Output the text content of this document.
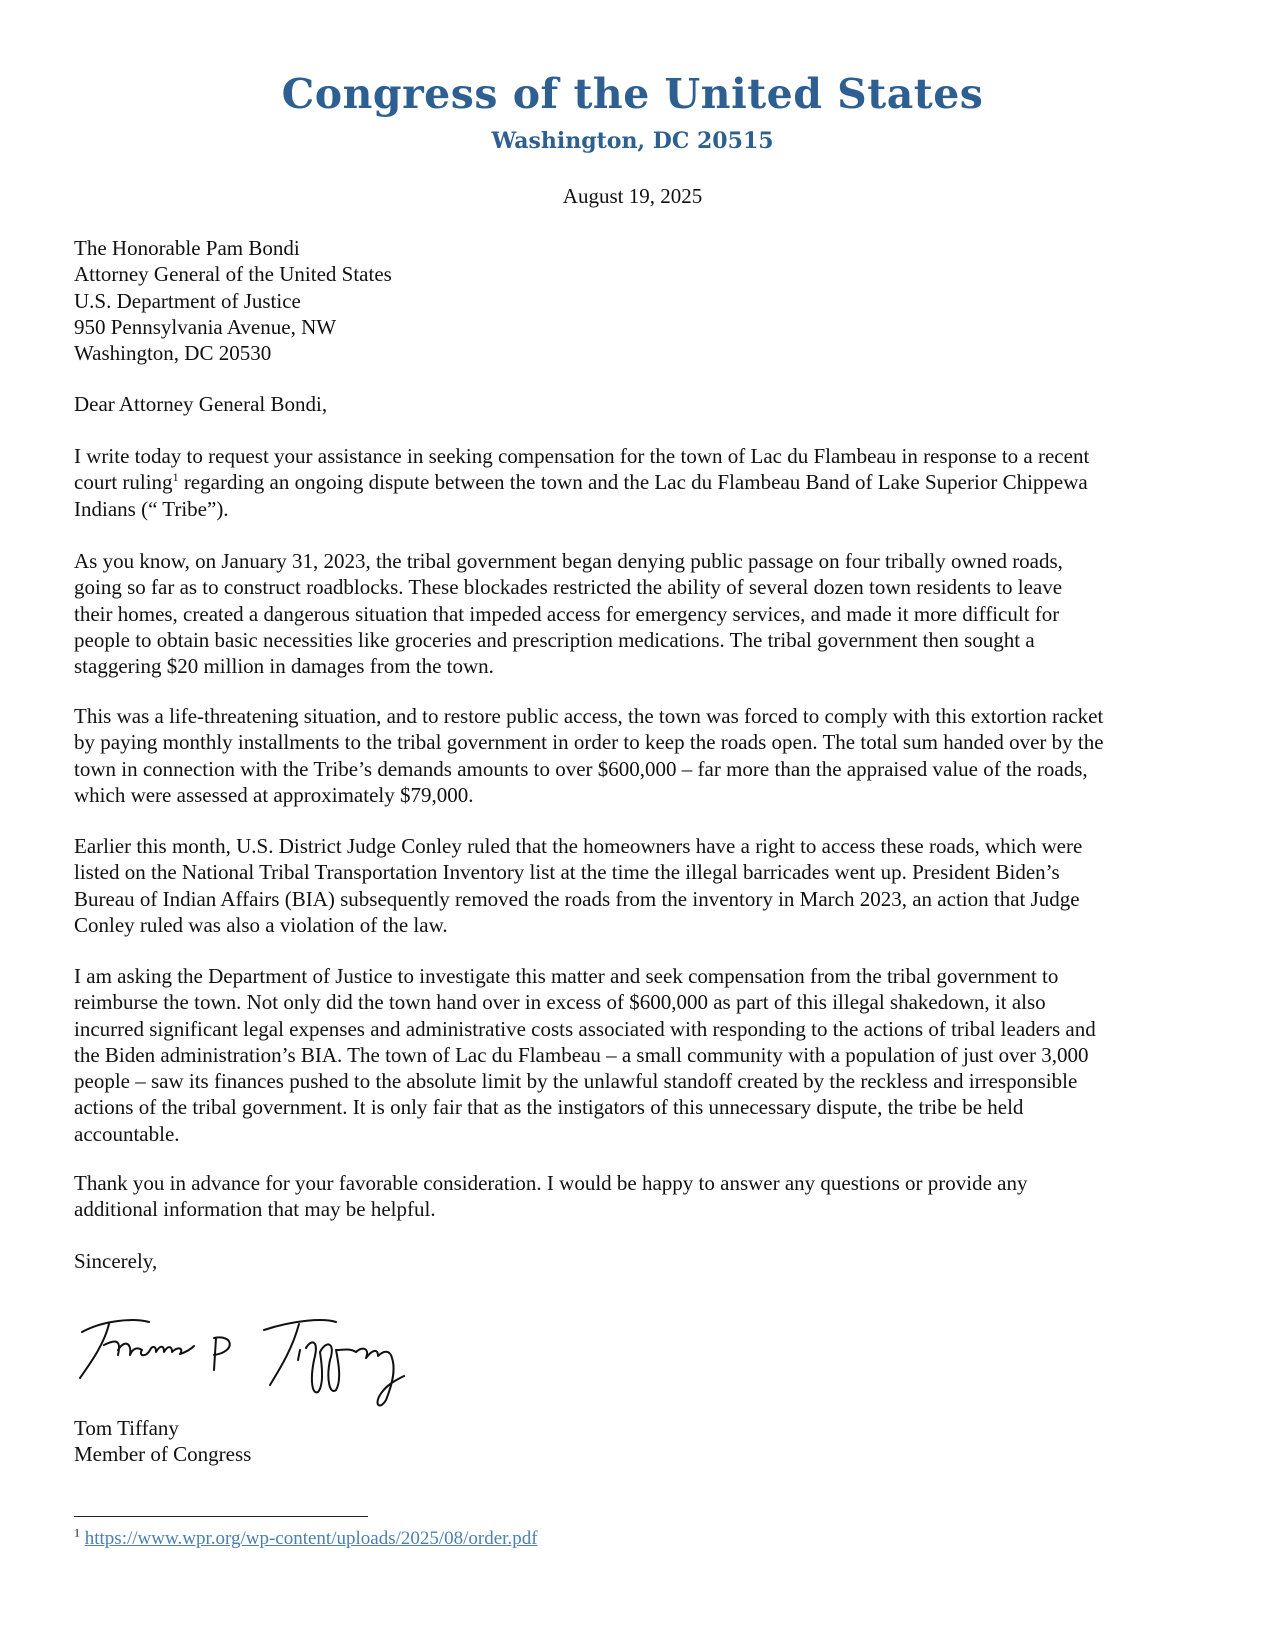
Congress of the United States
Washington, DC 20515
August 19, 2025
The Honorable Pam Bondi
Attorney General of the United States
U.S. Department of Justice
950 Pennsylvania Avenue, NW
Washington, DC 20530
Dear Attorney General Bondi,
I write today to request your assistance in seeking compensation for the town of Lac du Flambeau in response to a recent
court ruling$^1$ regarding an ongoing dispute between the town and the Lac du Flambeau Band of Lake Superior Chippewa
Indians (“ Tribe”).
As you know, on January 31, 2023, the tribal government began denying public passage on four tribally owned roads,
going so far as to construct roadblocks. These blockades restricted the ability of several dozen town residents to leave
their homes, created a dangerous situation that impeded access for emergency services, and made it more difficult for
people to obtain basic necessities like groceries and prescription medications. The tribal government then sought a
staggering $20 million in damages from the town.
This was a life-threatening situation, and to restore public access, the town was forced to comply with this extortion racket
by paying monthly installments to the tribal government in order to keep the roads open. The total sum handed over by the
town in connection with the Tribe’s demands amounts to over $600,000 – far more than the appraised value of the roads,
which were assessed at approximately $79,000.
Earlier this month, U.S. District Judge Conley ruled that the homeowners have a right to access these roads, which were
listed on the National Tribal Transportation Inventory list at the time the illegal barricades went up. President Biden’s
Bureau of Indian Affairs (BIA) subsequently removed the roads from the inventory in March 2023, an action that Judge
Conley ruled was also a violation of the law.
I am asking the Department of Justice to investigate this matter and seek compensation from the tribal government to
reimburse the town. Not only did the town hand over in excess of $600,000 as part of this illegal shakedown, it also
incurred significant legal expenses and administrative costs associated with responding to the actions of tribal leaders and
the Biden administration’s BIA. The town of Lac du Flambeau – a small community with a population of just over 3,000
people – saw its finances pushed to the absolute limit by the unlawful standoff created by the reckless and irresponsible
actions of the tribal government. It is only fair that as the instigators of this unnecessary dispute, the tribe be held
accountable.
Thank you in advance for your favorable consideration. I would be happy to answer any questions or provide any
additional information that may be helpful.
Sincerely,
Tom Tiffany
Member of Congress
$^1$ https://www.wpr.org/wp-content/uploads/2025/08/order.pdf
